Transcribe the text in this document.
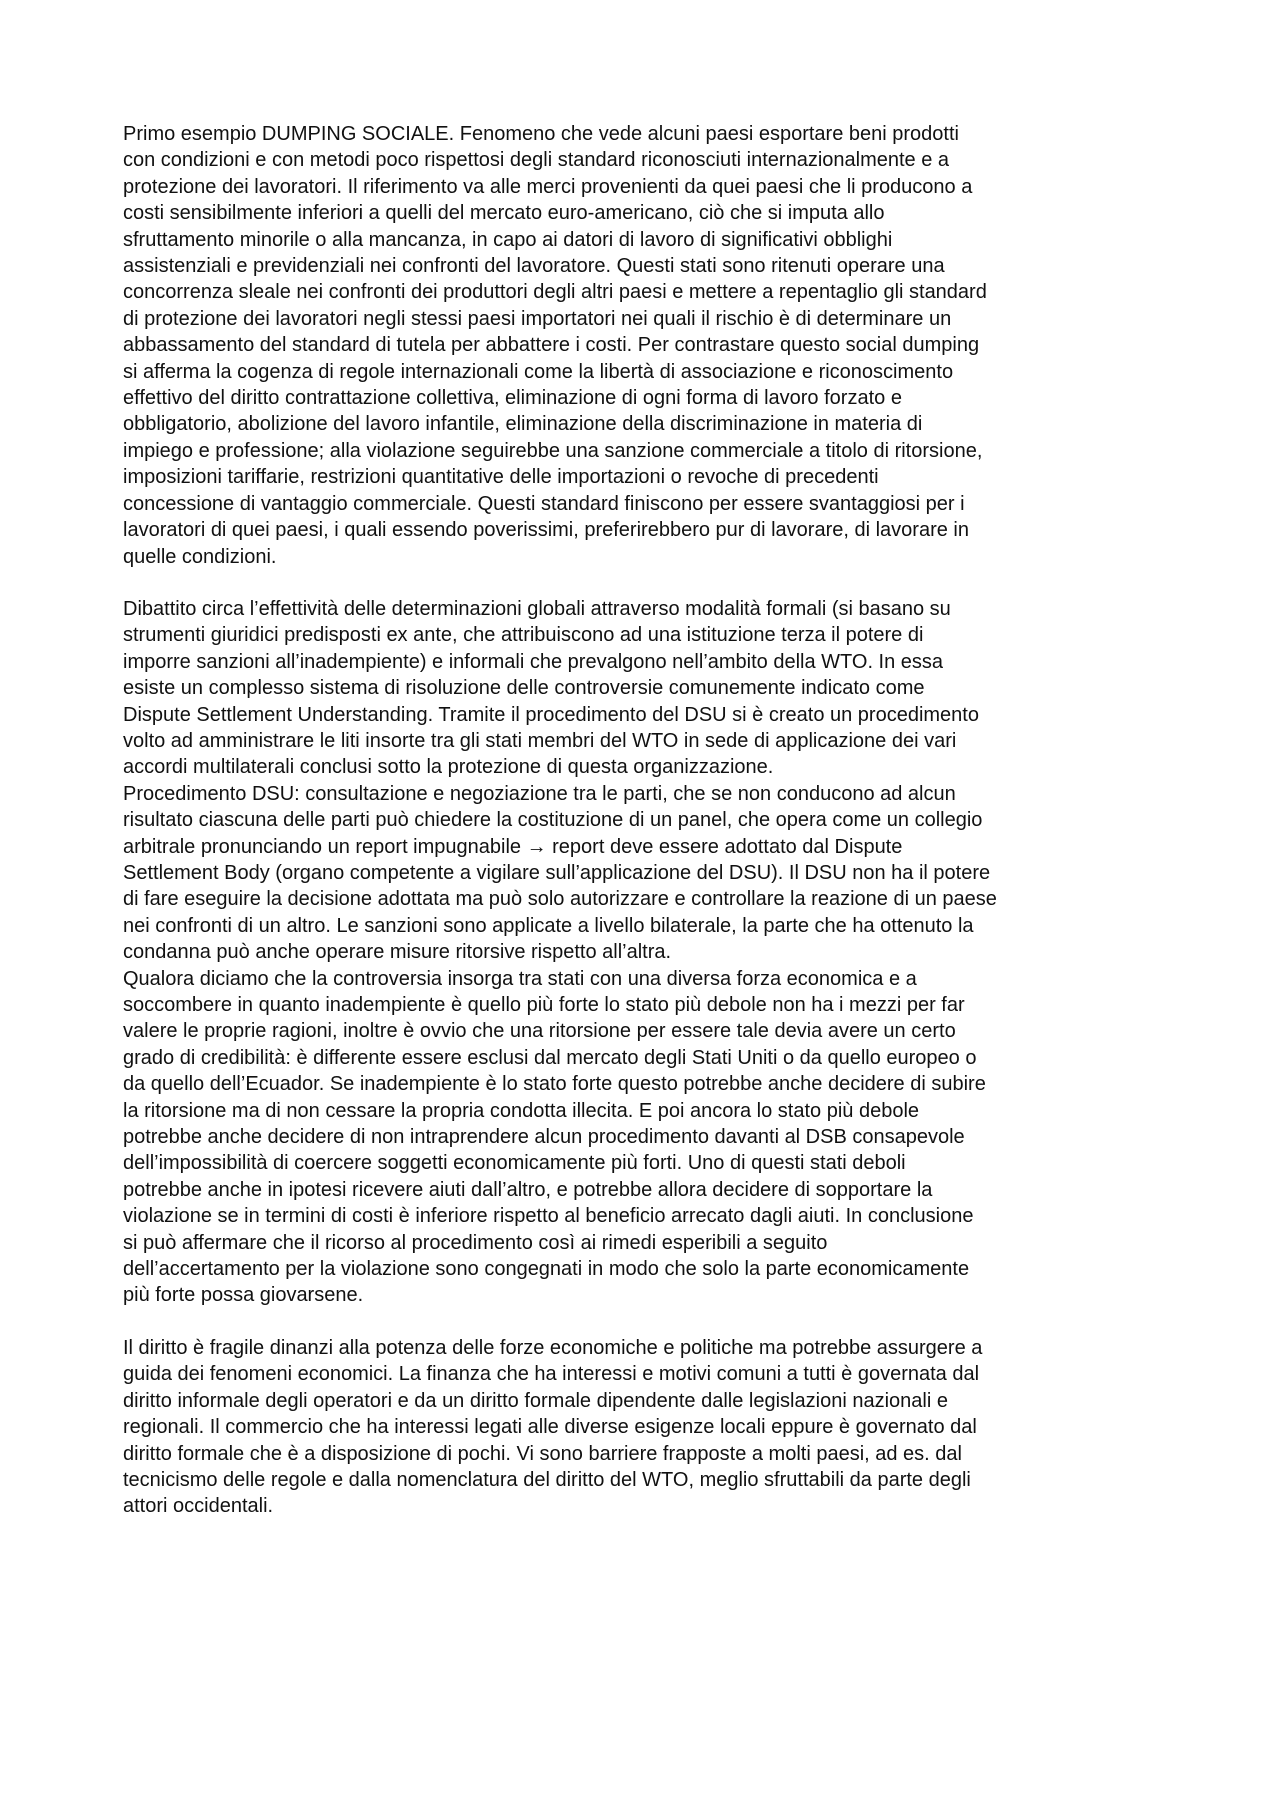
Primo esempio DUMPING SOCIALE. Fenomeno che vede alcuni paesi esportare beni prodotti
con condizioni e con metodi poco rispettosi degli standard riconosciuti internazionalmente e a
protezione dei lavoratori. Il riferimento va alle merci provenienti da quei paesi che li producono a
costi sensibilmente inferiori a quelli del mercato euro-americano, ciò che si imputa allo
sfruttamento minorile o alla mancanza, in capo ai datori di lavoro di significativi obblighi
assistenziali e previdenziali nei confronti del lavoratore. Questi stati sono ritenuti operare una
concorrenza sleale nei confronti dei produttori degli altri paesi e mettere a repentaglio gli standard
di protezione dei lavoratori negli stessi paesi importatori nei quali il rischio è di determinare un
abbassamento del standard di tutela per abbattere i costi. Per contrastare questo social dumping
si afferma la cogenza di regole internazionali come la libertà di associazione e riconoscimento
effettivo del diritto contrattazione collettiva, eliminazione di ogni forma di lavoro forzato e
obbligatorio, abolizione del lavoro infantile, eliminazione della discriminazione in materia di
impiego e professione; alla violazione seguirebbe una sanzione commerciale a titolo di ritorsione,
imposizioni tariffarie, restrizioni quantitative delle importazioni o revoche di precedenti
concessione di vantaggio commerciale. Questi standard finiscono per essere svantaggiosi per i
lavoratori di quei paesi, i quali essendo poverissimi, preferirebbero pur di lavorare, di lavorare in
quelle condizioni.
Dibattito circa l’effettività delle determinazioni globali attraverso modalità formali (si basano su
strumenti giuridici predisposti ex ante, che attribuiscono ad una istituzione terza il potere di
imporre sanzioni all’inadempiente) e informali che prevalgono nell’ambito della WTO. In essa
esiste un complesso sistema di risoluzione delle controversie comunemente indicato come
Dispute Settlement Understanding. Tramite il procedimento del DSU si è creato un procedimento
volto ad amministrare le liti insorte tra gli stati membri del WTO in sede di applicazione dei vari
accordi multilaterali conclusi sotto la protezione di questa organizzazione.
Procedimento DSU: consultazione e negoziazione tra le parti, che se non conducono ad alcun
risultato ciascuna delle parti può chiedere la costituzione di un panel, che opera come un collegio
arbitrale pronunciando un report impugnabile → report deve essere adottato dal Dispute
Settlement Body (organo competente a vigilare sull’applicazione del DSU). Il DSU non ha il potere
di fare eseguire la decisione adottata ma può solo autorizzare e controllare la reazione di un paese
nei confronti di un altro. Le sanzioni sono applicate a livello bilaterale, la parte che ha ottenuto la
condanna può anche operare misure ritorsive rispetto all’altra.
Qualora diciamo che la controversia insorga tra stati con una diversa forza economica e a
soccombere in quanto inadempiente è quello più forte lo stato più debole non ha i mezzi per far
valere le proprie ragioni, inoltre è ovvio che una ritorsione per essere tale devia avere un certo
grado di credibilità: è differente essere esclusi dal mercato degli Stati Uniti o da quello europeo o
da quello dell’Ecuador. Se inadempiente è lo stato forte questo potrebbe anche decidere di subire
la ritorsione ma di non cessare la propria condotta illecita. E poi ancora lo stato più debole
potrebbe anche decidere di non intraprendere alcun procedimento davanti al DSB consapevole
dell’impossibilità di coercere soggetti economicamente più forti. Uno di questi stati deboli
potrebbe anche in ipotesi ricevere aiuti dall’altro, e potrebbe allora decidere di sopportare la
violazione se in termini di costi è inferiore rispetto al beneficio arrecato dagli aiuti. In conclusione
si può affermare che il ricorso al procedimento così ai rimedi esperibili a seguito
dell’accertamento per la violazione sono congegnati in modo che solo la parte economicamente
più forte possa giovarsene.
Il diritto è fragile dinanzi alla potenza delle forze economiche e politiche ma potrebbe assurgere a
guida dei fenomeni economici. La finanza che ha interessi e motivi comuni a tutti è governata dal
diritto informale degli operatori e da un diritto formale dipendente dalle legislazioni nazionali e
regionali. Il commercio che ha interessi legati alle diverse esigenze locali eppure è governato dal
diritto formale che è a disposizione di pochi. Vi sono barriere frapposte a molti paesi, ad es. dal
tecnicismo delle regole e dalla nomenclatura del diritto del WTO, meglio sfruttabili da parte degli
attori occidentali.
